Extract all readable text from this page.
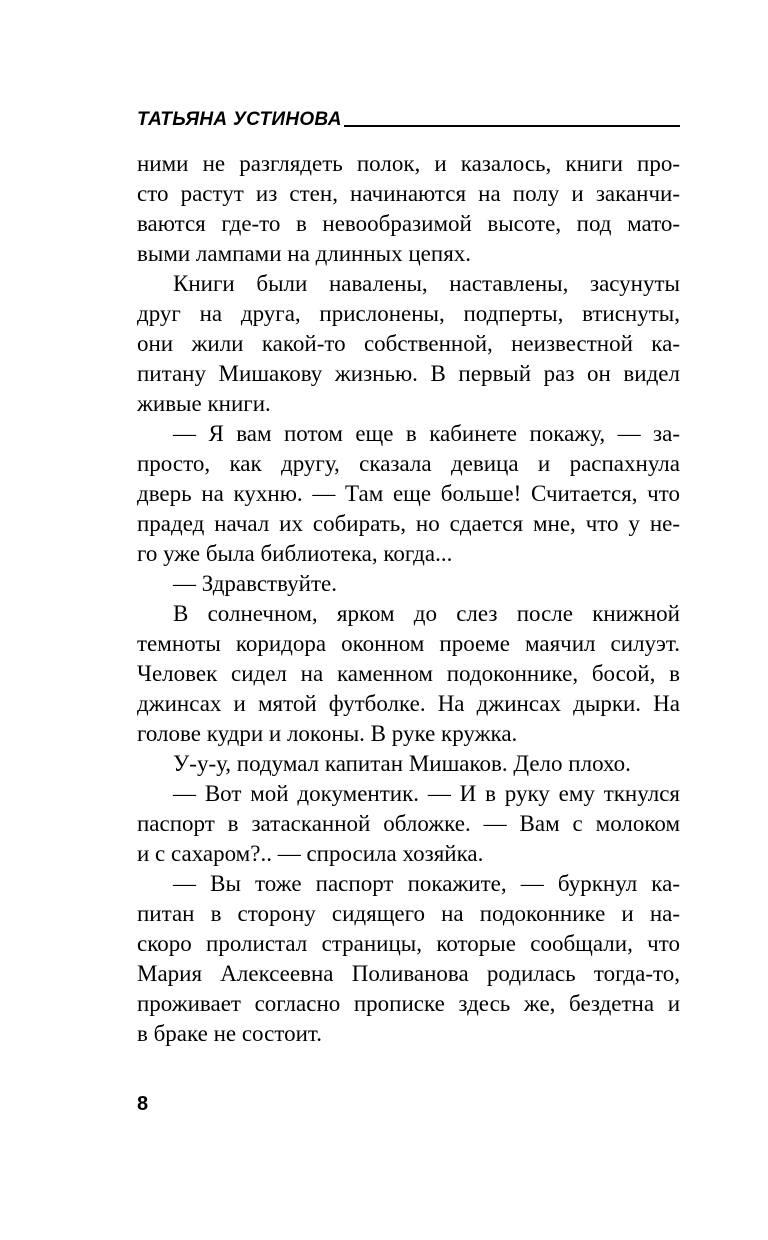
ТАТЬЯНА УСТИНОВА
ними не разглядеть полок, и казалось, книги про-
сто растут из стен, начинаются на полу и заканчи-
ваются где-то в невообразимой высоте, под мато-
выми лампами на длинных цепях.
Книги были навалены, наставлены, засунуты
друг на друга, прислонены, подперты, втиснуты,
они жили какой-то собственной, неизвестной ка-
питану Мишакову жизнью. В первый раз он видел
живые книги.
— Я вам потом еще в кабинете покажу, — за-
просто, как другу, сказала девица и распахнула
дверь на кухню. — Там еще больше! Считается, что
прадед начал их собирать, но сдается мне, что у не-
го уже была библиотека, когда...
— Здравствуйте.
В солнечном, ярком до слез после книжной
темноты коридора оконном проеме маячил силуэт.
Человек сидел на каменном подоконнике, босой, в
джинсах и мятой футболке. На джинсах дырки. На
голове кудри и локоны. В руке кружка.
У-у-у, подумал капитан Мишаков. Дело плохо.
— Вот мой документик. — И в руку ему ткнулся
паспорт в затасканной обложке. — Вам с молоком
и с сахаром?.. — спросила хозяйка.
— Вы тоже паспорт покажите, — буркнул ка-
питан в сторону сидящего на подоконнике и на-
скоро пролистал страницы, которые сообщали, что
Мария Алексеевна Поливанова родилась тогда-то,
проживает согласно прописке здесь же, бездетна и
в браке не состоит.
8
